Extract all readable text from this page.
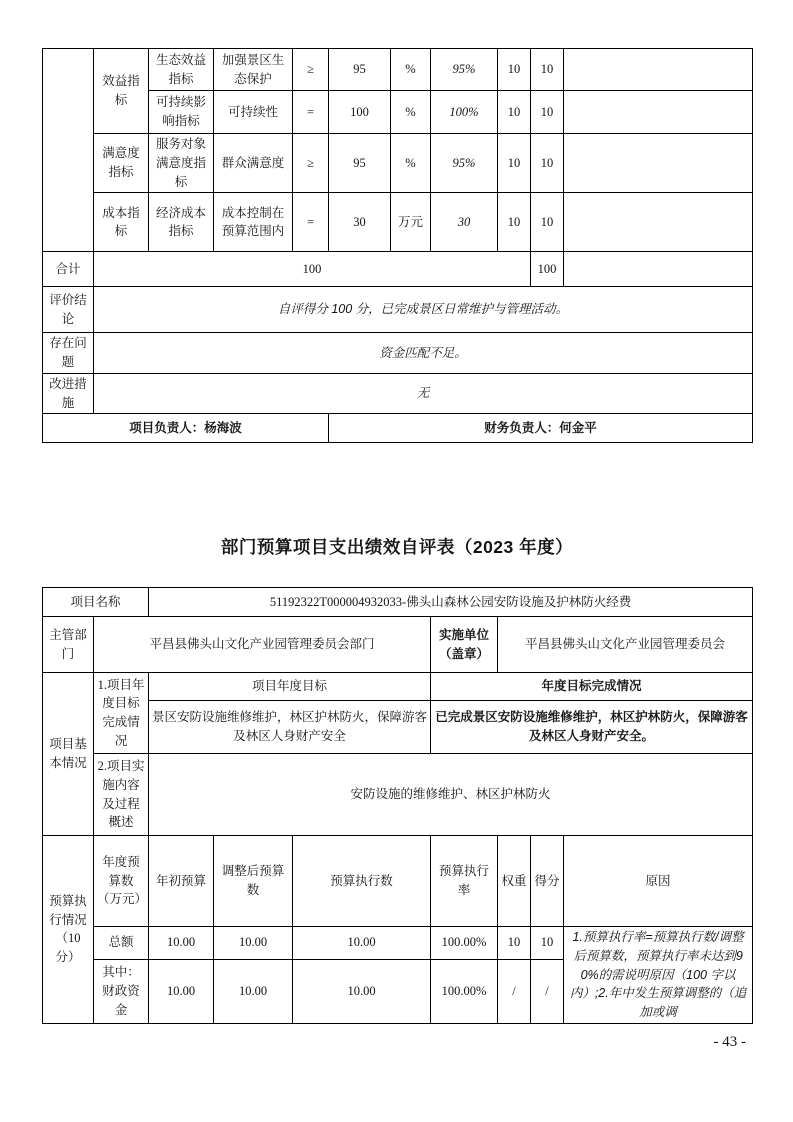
	效益指标	生态效益指标	加强景区生态保护	≥	95	%	95%	10	10	
		可持续影响指标	可持续性	=	100	%	100%	10	10	
	满意度指标	服务对象满意度指标	群众满意度	≥	95	%	95%	10	10	
	成本指标	经济成本指标	成本控制在预算范围内	=	30	万元	30	10	10	
合计	100								100	
评价结论	自评得分 100 分，已完成景区日常维护与管理活动。									
存在问题	资金匹配不足。									
改进措施	无									
项目负责人：杨海波					财务负责人：何金平					
部门预算项目支出绩效自评表（2023 年度）
项目名称		51192322T000004932033-佛头山森林公园安防设施及护林防火经费						
主管部门	平昌县佛头山文化产业园管理委员会部门				实施单位（盖章）	平昌县佛头山文化产业园管理委员会		
项目基本情况	1.项目年度目标完成情况	项目年度目标			年度目标完成情况			
		景区安防设施维修维护，林区护林防火，保障游客及林区人身财产安全			已完成景区安防设施维修维护，林区护林防火，保障游客及林区人身财产安全。			
	2.项目实施内容及过程概述	安防设施的维修维护、林区护林防火						
预算执行情况（10 分）	年度预算数（万元）	年初预算	调整后预算数	预算执行数	预算执行率	权重	得分	原因
	总额	10.00	10.00	10.00	100.00%	10	10	1.预算执行率=预算执行数/调整后预算数，预算执行率未达到90%的需说明原因（100 字以内）;2.年中发生预算调整的（追加或调
	其中：财政资金	10.00	10.00	10.00	100.00%	/	/	
- 43 -
